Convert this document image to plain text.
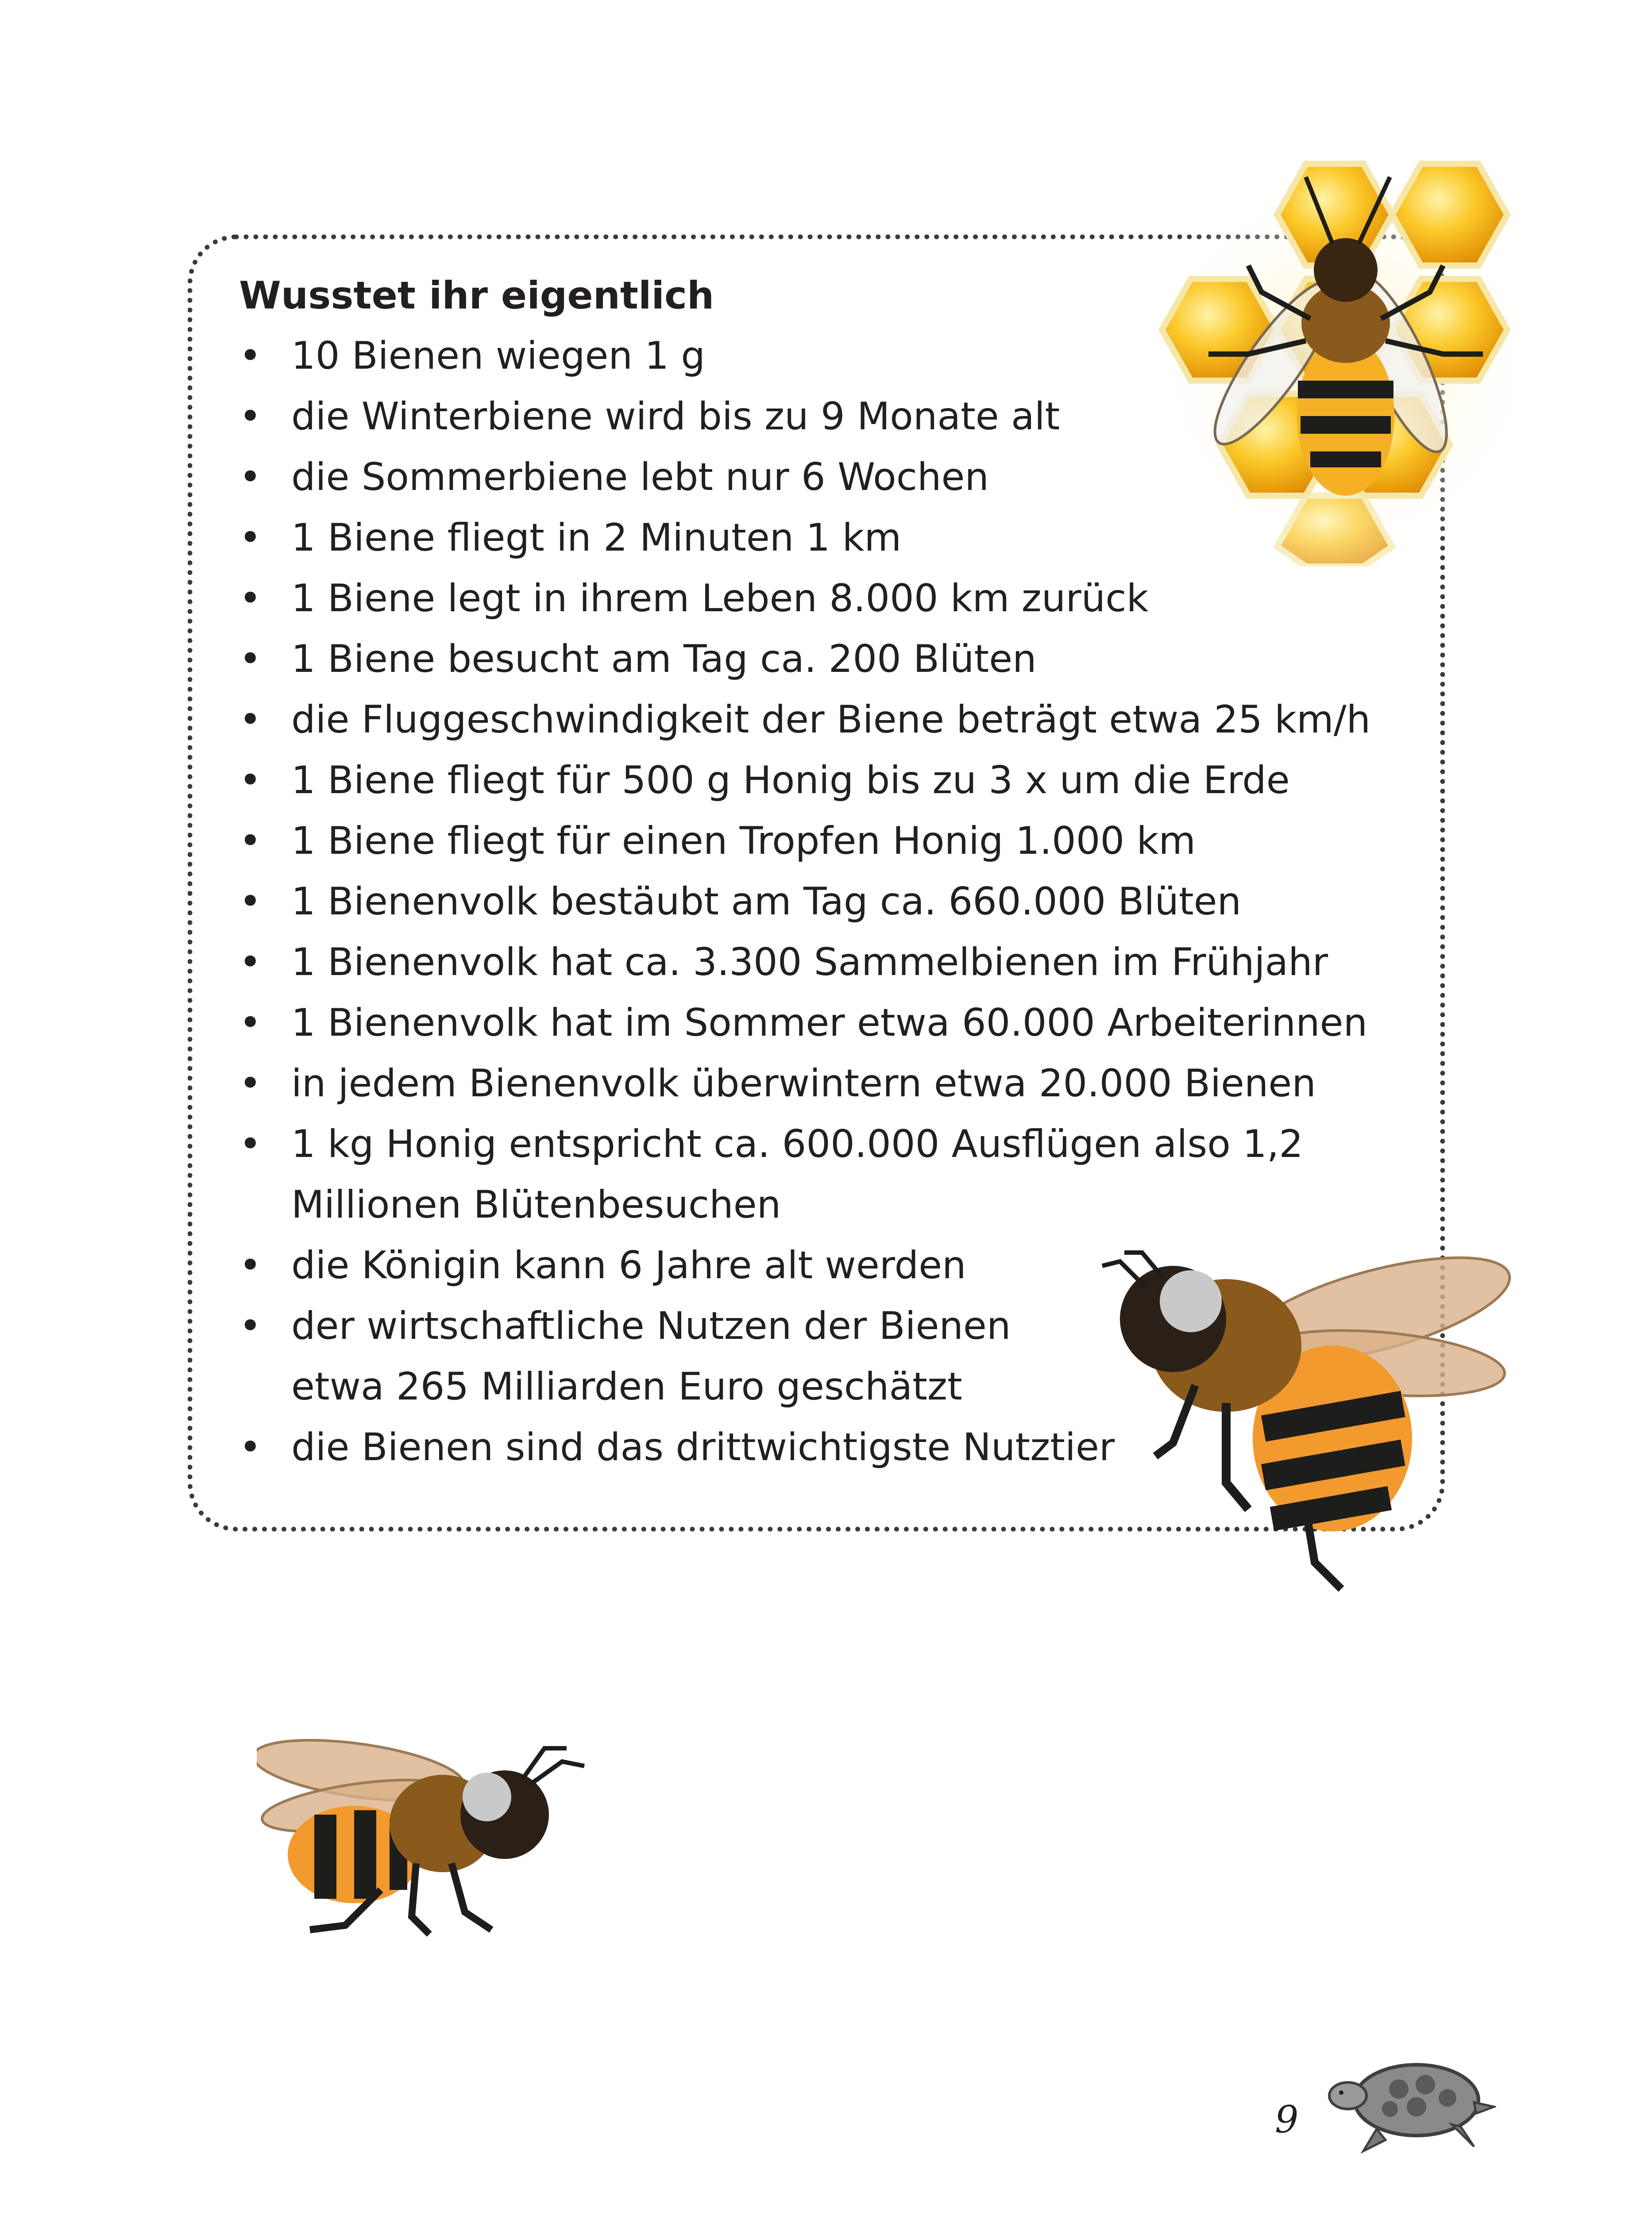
Wusstet ihr eigentlich

• 10 Bienen wiegen 1 g
• die Winterbiene wird bis zu 9 Monate alt
• die Sommerbiene lebt nur 6 Wochen
• 1 Biene fliegt in 2 Minuten 1 km
• 1 Biene legt in ihrem Leben 8.000 km zurück
• 1 Biene besucht am Tag ca. 200 Blüten
• die Fluggeschwindigkeit der Biene beträgt etwa 25 km/h
• 1 Biene fliegt für 500 g Honig bis zu 3 x um die Erde
• 1 Biene fliegt für einen Tropfen Honig 1.000 km
• 1 Bienenvolk bestäubt am Tag ca. 660.000 Blüten
• 1 Bienenvolk hat ca. 3.300 Sammelbienen im Frühjahr
• 1 Bienenvolk hat im Sommer etwa 60.000 Arbeiterinnen
• in jedem Bienenvolk überwintern etwa 20.000 Bienen
• 1 kg Honig entspricht ca. 600.000 Ausflügen also 1,2
Millionen Blütenbesuchen
• die Königin kann 6 Jahre alt werden
• der wirtschaftliche Nutzen der Bienen
etwa 265 Milliarden Euro geschätzt
• die Bienen sind das drittwichtigste Nutztier
9
